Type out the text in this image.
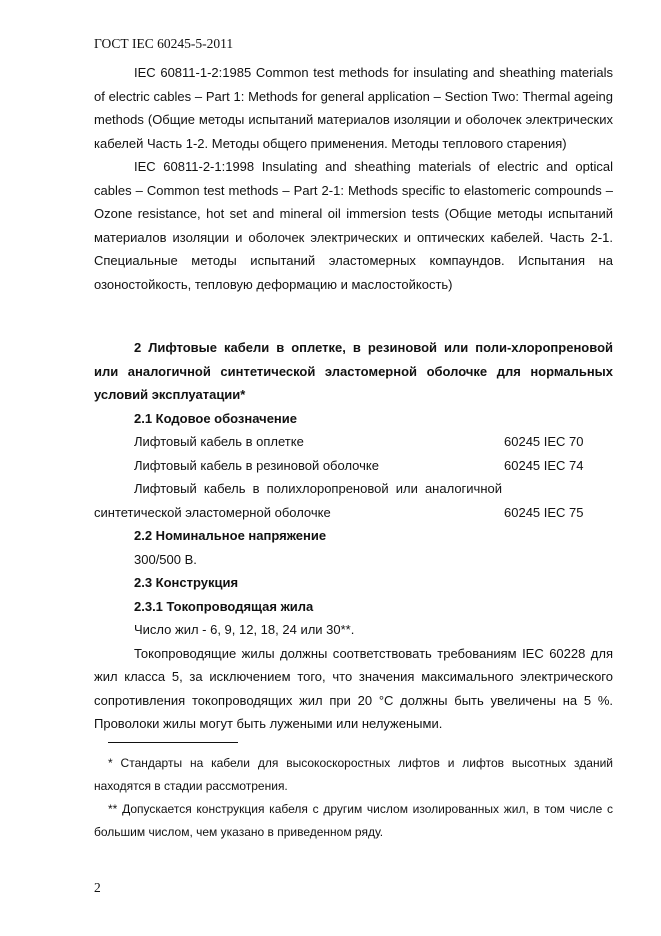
ГОСТ IEC 60245-5-2011

IEC 60811-1-2:1985 Common test methods for insulating and sheathing materials of electric cables – Part 1: Methods for general application – Section Two: Thermal ageing methods (Общие методы испытаний материалов изоляции и оболочек электрических кабелей Часть 1-2. Методы общего применения. Методы теплового старения)

IEC 60811-2-1:1998 Insulating and sheathing materials of electric and optical cables – Common test methods – Part 2-1: Methods specific to elastomeric compounds – Ozone resistance, hot set and mineral oil immersion tests (Общие методы испытаний материалов изоляции и оболочек электрических и оптических кабелей. Часть 2-1. Специальные методы испытаний эластомерных компаундов. Испытания на озоностойкость, тепловую деформацию и маслостойкость)

2 Лифтовые кабели в оплетке, в резиновой или поли-хлоропреновой или аналогичной синтетической эластомерной оболочке для нормальных условий эксплуатации*

2.1 Кодовое обозначение

Лифтовый кабель в оплетке	60245 IEC 70
Лифтовый кабель в резиновой оболочке	60245 IEC 74
Лифтовый кабель в полихлоропреновой или аналогичной
синтетической эластомерной оболочке	60245 IEC 75

2.2 Номинальное напряжение

300/500 В.

2.3 Конструкция

2.3.1 Токопроводящая жила

Число жил - 6, 9, 12, 18, 24 или 30**.

Токопроводящие жилы должны соответствовать требованиям IEC 60228 для жил класса 5, за исключением того, что значения максимального электрического сопротивления токопроводящих жил при 20 °С должны быть увеличены на 5 %. Проволоки жилы могут быть лужеными или нелужеными.

* Стандарты на кабели для высокоскоростных лифтов и лифтов высотных зданий находятся в стадии рассмотрения.

** Допускается конструкция кабеля с другим числом изолированных жил, в том числе с большим числом, чем указано в приведенном ряду.

2
